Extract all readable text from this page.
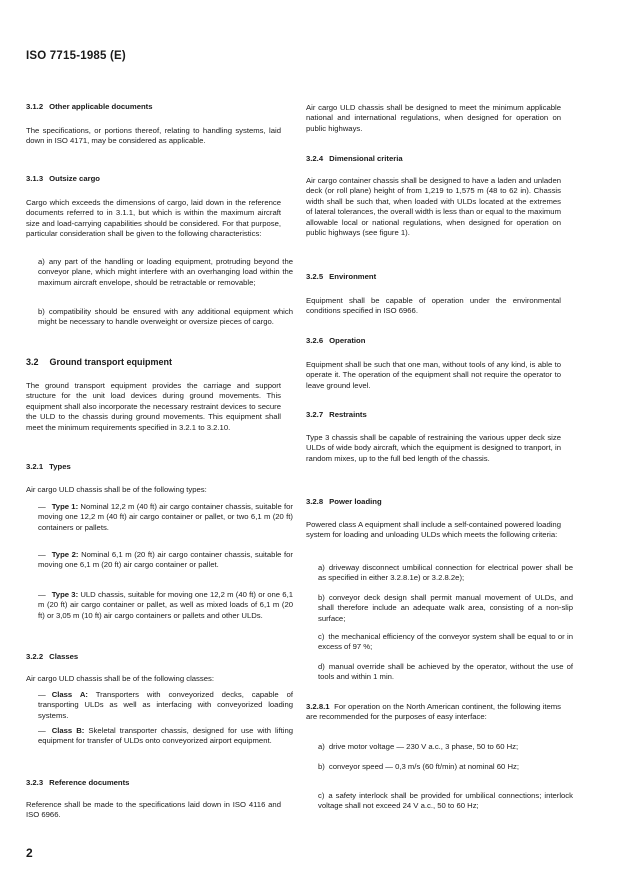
ISO 7715-1985 (E)
3.1.2 Other applicable documents
The specifications, or portions thereof, relating to handling systems, laid down in ISO 4171, may be considered as applicable.
3.1.3 Outsize cargo
Cargo which exceeds the dimensions of cargo, laid down in the reference documents referred to in 3.1.1, but which is within the maximum aircraft size and load-carrying capabilities should be considered. For that purpose, particular consideration shall be given to the following characteristics:
a) any part of the handling or loading equipment, protruding beyond the conveyor plane, which might interfere with an overhanging load within the maximum aircraft envelope, should be retractable or removable;
b) compatibility should be ensured with any additional equipment which might be necessary to handle overweight or oversize pieces of cargo.
3.2 Ground transport equipment
The ground transport equipment provides the carriage and support structure for the unit load devices during ground movements. This equipment shall also incorporate the necessary restraint devices to secure the ULD to the chassis during ground movements. This equipment shall meet the minimum requirements specified in 3.2.1 to 3.2.10.
3.2.1 Types
Air cargo ULD chassis shall be of the following types:
— Type 1: Nominal 12,2 m (40 ft) air cargo container chassis, suitable for moving one 12,2 m (40 ft) air cargo container or pallet, or two 6,1 m (20 ft) containers or pallets.
— Type 2: Nominal 6,1 m (20 ft) air cargo container chassis, suitable for moving one 6,1 m (20 ft) air cargo container or pallet.
— Type 3: ULD chassis, suitable for moving one 12,2 m (40 ft) or one 6,1 m (20 ft) air cargo container or pallet, as well as mixed loads of 6,1 m (20 ft) or 3,05 m (10 ft) air cargo containers or pallets and other ULDs.
3.2.2 Classes
Air cargo ULD chassis shall be of the following classes:
— Class A: Transporters with conveyorized decks, capable of transporting ULDs as well as interfacing with conveyorized loading systems.
— Class B: Skeletal transporter chassis, designed for use with lifting equipment for transfer of ULDs onto conveyorized airport equipment.
3.2.3 Reference documents
Reference shall be made to the specifications laid down in ISO 4116 and ISO 6966.
Air cargo ULD chassis shall be designed to meet the minimum applicable national and international regulations, when designed for operation on public highways.
3.2.4 Dimensional criteria
Air cargo container chassis shall be designed to have a laden and unladen deck (or roll plane) height of from 1,219 to 1,575 m (48 to 62 in). Chassis width shall be such that, when loaded with ULDs located at the extremes of lateral tolerances, the overall width is less than or equal to the maximum allowable local or national regulations, when designed for operation on public highways (see figure 1).
3.2.5 Environment
Equipment shall be capable of operation under the environmental conditions specified in ISO 6966.
3.2.6 Operation
Equipment shall be such that one man, without tools of any kind, is able to operate it. The operation of the equipment shall not require the operator to leave ground level.
3.2.7 Restraints
Type 3 chassis shall be capable of restraining the various upper deck size ULDs of wide body aircraft, which the equipment is designed to tranport, in random mixes, up to the full bed length of the chassis.
3.2.8 Power loading
Powered class A equipment shall include a self-contained powered loading system for loading and unloading ULDs which meets the following criteria:
a) driveway disconnect umbilical connection for electrical power shall be as specified in either 3.2.8.1e) or 3.2.8.2e);
b) conveyor deck design shall permit manual movement of ULDs, and shall therefore include an adequate walk area, consisting of a non-slip surface;
c) the mechanical efficiency of the conveyor system shall be equal to or in excess of 97 %;
d) manual override shall be achieved by the operator, without the use of tools and within 1 min.
3.2.8.1 For operation on the North American continent, the following items are recommended for the purposes of easy interface:
a) drive motor voltage — 230 V a.c., 3 phase, 50 to 60 Hz;
b) conveyor speed — 0,3 m/s (60 ft/min) at nominal 60 Hz;
c) a safety interlock shall be provided for umbilical connections; interlock voltage shall not exceed 24 V a.c., 50 to 60 Hz;
2
